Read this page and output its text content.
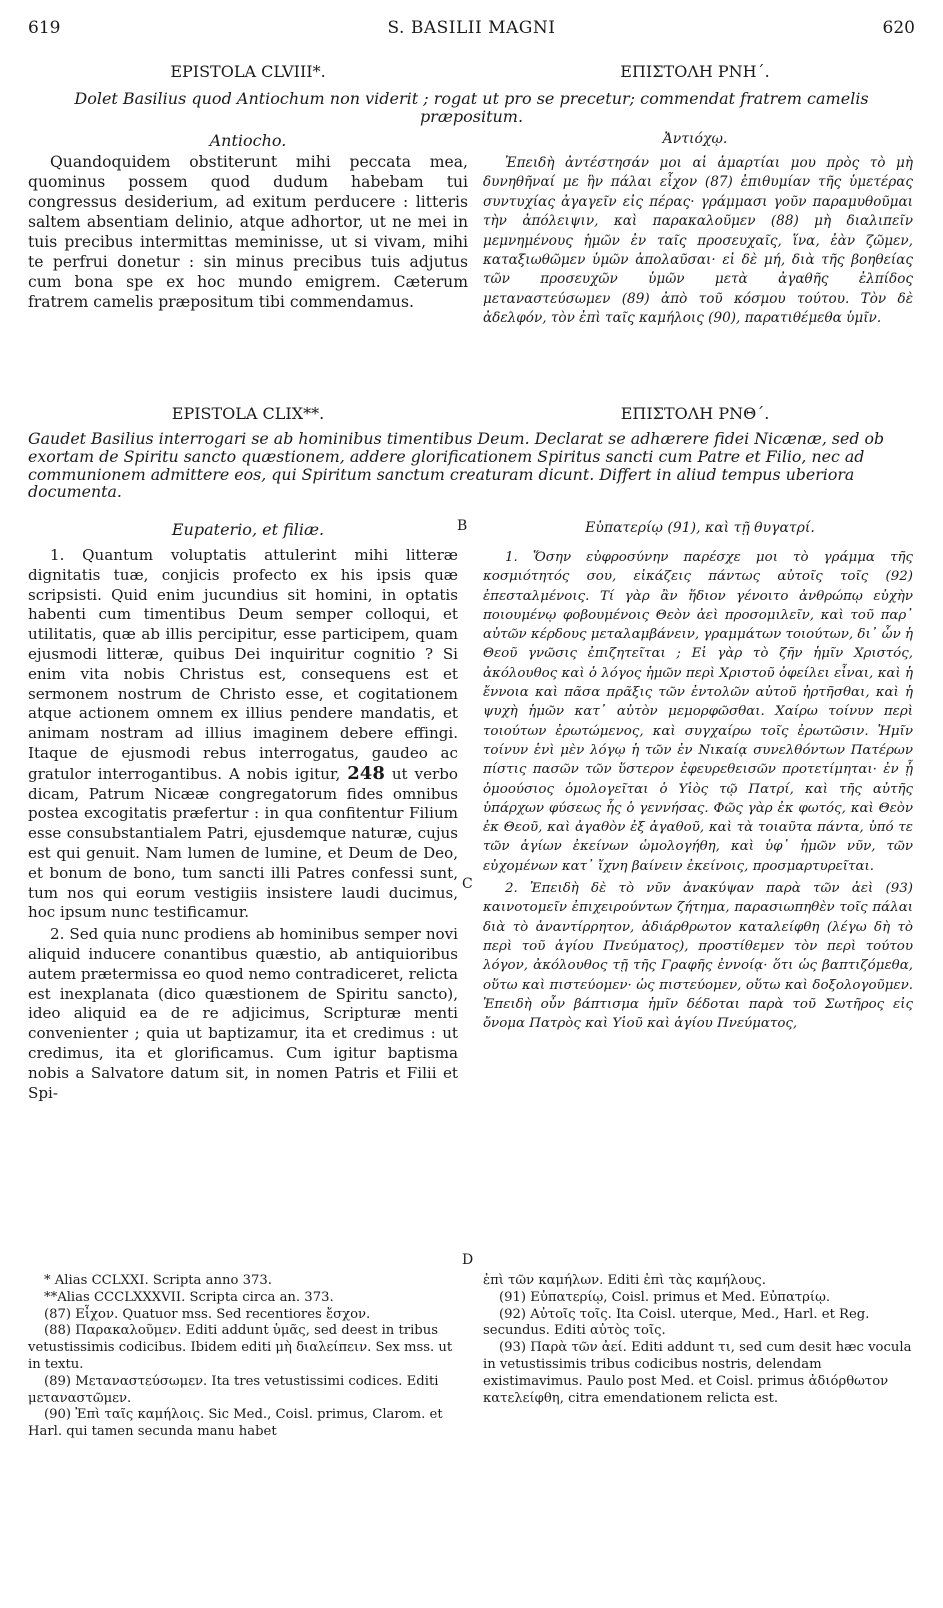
619	S. BASILII MAGNI	620
EPISTOLA CLVIII*.	ΕΠΙΣΤΟΛΗ ΡΝΗ΄.
Dolet Basilius quod Antiochum non viderit ; rogat ut pro se precetur; commendat fratrem camelis præpositum.
Antiocho.	Ἀντιόχῳ.

Quandoquidem obstiterunt mihi peccata mea, quominus possem quod dudum habebam tui congressus desiderium, ad exitum perducere : litteris saltem absentiam delinio, atque adhortor, ut ne mei in tuis precibus intermittas meminisse, ut si vivam, mihi te perfrui donetur : sin minus precibus tuis adjutus cum bona spe ex hoc mundo emigrem. Cæterum fratrem camelis præpositum tibi commendamus.

Ἐπειδὴ ἀντέστησάν μοι αἱ ἁμαρτίαι μου πρὸς τὸ μὴ δυνηθῆναί με ἣν πάλαι εἶχον (87) ἐπιθυμίαν τῆς ὑμετέρας συντυχίας ἀγαγεῖν εἰς πέρας· γράμμασι γοῦν παραμυθοῦμαι τὴν ἀπόλειψιν, καὶ παρακαλοῦμεν (88) μὴ διαλιπεῖν μεμνημένους ἡμῶν ἐν ταῖς προσευχαῖς, ἵνα, ἐὰν ζῶμεν, καταξιωθῶμεν ὑμῶν ἀπολαῦσαι· εἰ δὲ μή, διὰ τῆς βοηθείας τῶν προσευχῶν ὑμῶν μετὰ ἀγαθῆς ἐλπίδος μεταναστεύσωμεν (89) ἀπὸ τοῦ κόσμου τούτου. Τὸν δὲ ἀδελφόν, τὸν ἐπὶ ταῖς καμήλοις (90), παρατιθέμεθα ὑμῖν.

EPISTOLA CLIX**.	ΕΠΙΣΤΟΛΗ ΡΝΘ΄.
Gaudet Basilius interrogari se ab hominibus timentibus Deum. Declarat se adhærere fidei Nicænæ, sed ob exortam de Spiritu sancto quæstionem, addere glorificationem Spiritus sancti cum Patre et Filio, nec ad communionem admittere eos, qui Spiritum sanctum creaturam dicunt. Differt in aliud tempus uberiora documenta.
Eupaterio, et filiæ.	B	Εὐπατερίῳ (91), καὶ τῇ θυγατρί.

1. Quantum voluptatis attulerint mihi litteræ dignitatis tuæ, conjicis profecto ex his ipsis quæ scripsisti. Quid enim jucundius sit homini, in optatis habenti cum timentibus Deum semper colloqui, et utilitatis, quæ ab illis percipitur, esse participem, quam ejusmodi litteræ, quibus Dei inquiritur cognitio ? Si enim vita nobis Christus est, consequens est et sermonem nostrum de Christo esse, et cogitationem atque actionem omnem ex illius pendere mandatis, et animam nostram ad illius imaginem debere effingi. Itaque de ejusmodi rebus interrogatus, gaudeo ac gratulor interrogantibus. A nobis igitur, 248 ut verbo dicam, Patrum Nicææ congregatorum fides omnibus postea excogitatis præfertur : in qua confitentur Filium esse consubstantialem Patri, ejusdemque naturæ, cujus est qui genuit. Nam lumen de lumine, et Deum de Deo, et bonum de bono, tum sancti illi Patres confessi sunt, tum nos qui eorum vestigiis insistere laudi ducimus, hoc ipsum nunc testificamur.

2. Sed quia nunc prodiens ab hominibus semper novi aliquid inducere conantibus quæstio, ab antiquioribus autem prætermissa eo quod nemo contradiceret, relicta est inexplanata (dico quæstionem de Spiritu sancto), ideo aliquid ea de re adjicimus, Scripturæ menti convenienter ; quia ut baptizamur, ita et credimus : ut credimus, ita et glorificamus. Cum igitur baptisma nobis a Salvatore datum sit, in nomen Patris et Filii et Spi-

C
D

1. Ὅσην εὐφροσύνην παρέσχε μοι τὸ γράμμα τῆς κοσμιότητός σου, εἰκάζεις πάντως αὐτοῖς τοῖς (92) ἐπεσταλμένοις. Τί γὰρ ἂν ἥδιον γένοιτο ἀνθρώπῳ εὐχὴν ποιουμένῳ φοβουμένοις Θεὸν ἀεὶ προσομιλεῖν, καὶ τοῦ παρ᾽ αὐτῶν κέρδους μεταλαμβάνειν, γραμμάτων τοιούτων, δι᾽ ὧν ἡ Θεοῦ γνῶσις ἐπιζητεῖται ; Εἰ γὰρ τὸ ζῆν ἡμῖν Χριστός, ἀκόλουθος καὶ ὁ λόγος ἡμῶν περὶ Χριστοῦ ὀφείλει εἶναι, καὶ ἡ ἔννοια καὶ πᾶσα πρᾶξις τῶν ἐντολῶν αὐτοῦ ἠρτῆσθαι, καὶ ἡ ψυχὴ ἡμῶν κατ᾽ αὐτὸν μεμορφῶσθαι. Χαίρω τοίνυν περὶ τοιούτων ἐρωτώμενος, καὶ συγχαίρω τοῖς ἐρωτῶσιν. Ἡμῖν τοίνυν ἑνὶ μὲν λόγῳ ἡ τῶν ἐν Νικαίᾳ συνελθόντων Πατέρων πίστις πασῶν τῶν ὕστερον ἐφευρεθεισῶν προτετίμηται· ἐν ᾗ ὁμοούσιος ὁμολογεῖται ὁ Υἱὸς τῷ Πατρί, καὶ τῆς αὐτῆς ὑπάρχων φύσεως ἧς ὁ γεννήσας. Φῶς γὰρ ἐκ φωτός, καὶ Θεὸν ἐκ Θεοῦ, καὶ ἀγαθὸν ἐξ ἀγαθοῦ, καὶ τὰ τοιαῦτα πάντα, ὑπό τε τῶν ἁγίων ἐκείνων ὡμολογήθη, καὶ ὑφ᾽ ἡμῶν νῦν, τῶν εὐχομένων κατ᾽ ἴχνη βαίνειν ἐκείνοις, προσμαρτυρεῖται.

2. Ἐπειδὴ δὲ τὸ νῦν ἀνακύψαν παρὰ τῶν ἀεὶ (93) καινοτομεῖν ἐπιχειρούντων ζήτημα, παρασιωπηθὲν τοῖς πάλαι διὰ τὸ ἀναντίρρητον, ἀδιάρθρωτον καταλείφθη (λέγω δὴ τὸ περὶ τοῦ ἁγίου Πνεύματος), προστίθεμεν τὸν περὶ τούτου λόγον, ἀκόλουθος τῇ τῆς Γραφῆς ἐννοίᾳ· ὅτι ὡς βαπτιζόμεθα, οὕτω καὶ πιστεύομεν· ὡς πιστεύομεν, οὕτω καὶ δοξολογοῦμεν. Ἐπειδὴ οὖν βάπτισμα ἡμῖν δέδοται παρὰ τοῦ Σωτῆρος εἰς ὄνομα Πατρὸς καὶ Υἱοῦ καὶ ἁγίου Πνεύματος,

* Alias CCLXXI. Scripta anno 373.

**Alias CCCLXXXVII. Scripta circa an. 373.

(87) Εἶχον. Quatuor mss. Sed recentiores ἔσχον.

(88) Παρακαλοῦμεν. Editi addunt ὑμᾶς, sed deest in tribus vetustissimis codicibus. Ibidem editi μὴ διαλείπειν. Sex mss. ut in textu.

(89) Μεταναστεύσωμεν. Ita tres vetustissimi codices. Editi μεταναστῶμεν.

(90) Ἐπὶ ταῖς καμήλοις. Sic Med., Coisl. primus, Clarom. et Harl. qui tamen secunda manu habet

ἐπὶ τῶν καμήλων. Editi ἐπὶ τὰς καμήλους.

(91) Εὐπατερίῳ, Coisl. primus et Med. Εὐπατρίῳ.

(92) Αὐτοῖς τοῖς. Ita Coisl. uterque, Med., Harl. et Reg. secundus. Editi αὐτὸς τοῖς.

(93) Παρὰ τῶν ἀεί. Editi addunt τι, sed cum desit hæc vocula in vetustissimis tribus codicibus nostris, delendam existimavimus. Paulo post Med. et Coisl. primus ἀδιόρθωτον κατελείφθη, citra emendationem relicta est.
